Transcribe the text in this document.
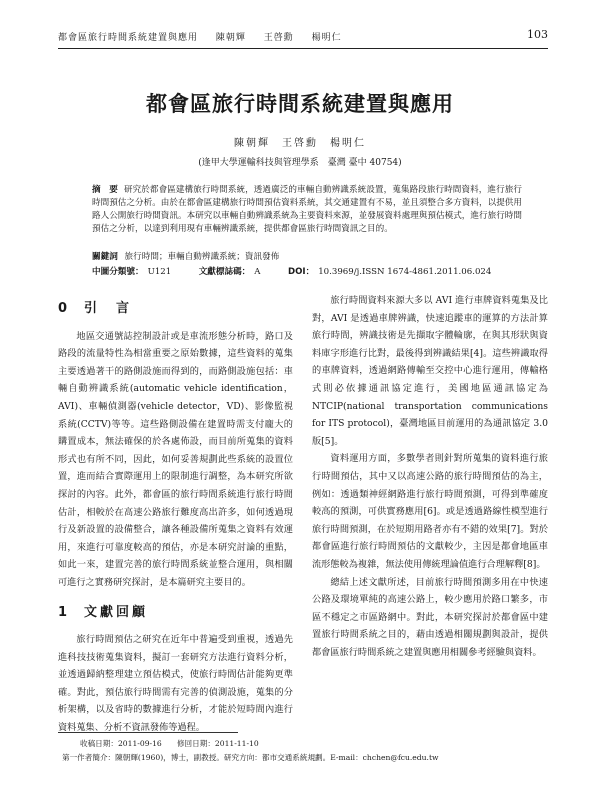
都會區旅行時間系統建置與應用 陳朝輝 王啓勳 楊明仁	103
都會區旅行時間系統建置與應用
陳朝輝　王啓勳　楊明仁
(逢甲大學運輸科技與管理學系　臺灣 臺中 40754)
摘　要 研究於都會區建構旅行時間系統，透過廣泛的車輛自動辨識系統設置，蒐集路段旅行時間資料，進行旅行時間預估之分析。由於在都會區建構旅行時間預估資料系統，其交通建置有不易，並且須整合多方資料，以提供用路人公開旅行時間資訊。本研究以車輛自動辨識系統為主要資料來源，並發展資料處理與預估模式，進行旅行時間預估之分析，以達到利用現有車輛辨識系統，提供都會區旅行時間資訊之目的。
關鍵詞 旅行時間；車輛自動辨識系統；資訊發佈
中圖分類號： U121	文獻標誌碼： A	DOI： 10.3969/j.ISSN 1674-4861.2011.06.024
0 引　言

地區交通號誌控制設計或是車流形態分析時，路口及路段的流量特性為相當重要之原始數據，這些資料的蒐集主要透過著干的路側設施而得到的，而路側設施包括：車輛自動辨識系統(automatic vehicle identification，AVI)、車輛偵測器(vehicle detector，VD)、影像監視系統(CCTV)等等。這些路側設備在建置時需支付龐大的購置成本，無法確保的於各處佈設，而目前所蒐集的資料形式也有所不同，因此，如何妥善規劃此些系統的設置位置，進而結合實際運用上的限制進行調整，為本研究所欲探討的內容。此外，都會區的旅行時間系統進行旅行時間估計，相較於在高速公路旅行難度高出許多，如何透過現行及新設置的設備整合，讓各種設備所蒐集之資料有效運用，來進行可靠度較高的預估，亦是本研究討論的重點，如此一來，建置完善的旅行時間系統並整合運用，與相關可進行之實務研究探討，是本篇研究主要目的。

1 文獻回顧

旅行時間預估之研究在近年中普遍受到重視，透過先進科技技術蒐集資料，擬訂一套研究方法進行資料分析，並透過歸納整理建立預估模式，使旅行時間估計能夠更準確。對此，預估旅行時間需有完善的偵測設施，蒐集的分析架構，以及省時的數據進行分析，才能於短時間內進行資料蒐集、分析不資訊發佈等過程。

旅行時間資料來源大多以 AVI 進行車牌資料蒐集及比對，AVI 是透過車牌辨識，快速追蹤車的運算的方法計算旅行時間，辨識技術是先擷取字體輪廓，在與其形狀與資料庫字形進行比對，最後得到辨識結果[4]。這些辨識取得的車牌資料，透過網路傳輸至交控中心進行運用，傳輸格式則必依據通訊協定進行，美國地區通訊協定為 NTCIP(national transportation communications for ITS protocol)，臺灣地區目前運用的為通訊協定 3.0 版[5]。

資料運用方面，多數學者則針對所蒐集的資料進行旅行時間預估，其中又以高速公路的旅行時間預估的為主，例如：透過類神經網路進行旅行時間預測，可得到準確度較高的預測，可供實務應用[6]。或是透過路線性模型進行旅行時間預測，在於短期用路者亦有不錯的效果[7]。對於都會區進行旅行時間預估的文獻較少，主因是都會地區車流形態較為複雜，無法使用傳統理論值進行合理解釋[8]。

總結上述文獻所述，目前旅行時間預測多用在中快速公路及環境單純的高速公路上，較少應用於路口繁多，市區不穩定之市區路網中。對此，本研究探討於都會區中建置旅行時間系統之目的，藉由透過相關規劃與設計，提供都會區旅行時間系統之建置與應用相關參考經驗與資料。

收稿日期：2011-09-16　　修回日期：2011-11-10
第一作者簡介：陳朝輝(1960)，博士，副教授。研究方向：都市交通系統規劃。E-mail：chchen@fcu.edu.tw
